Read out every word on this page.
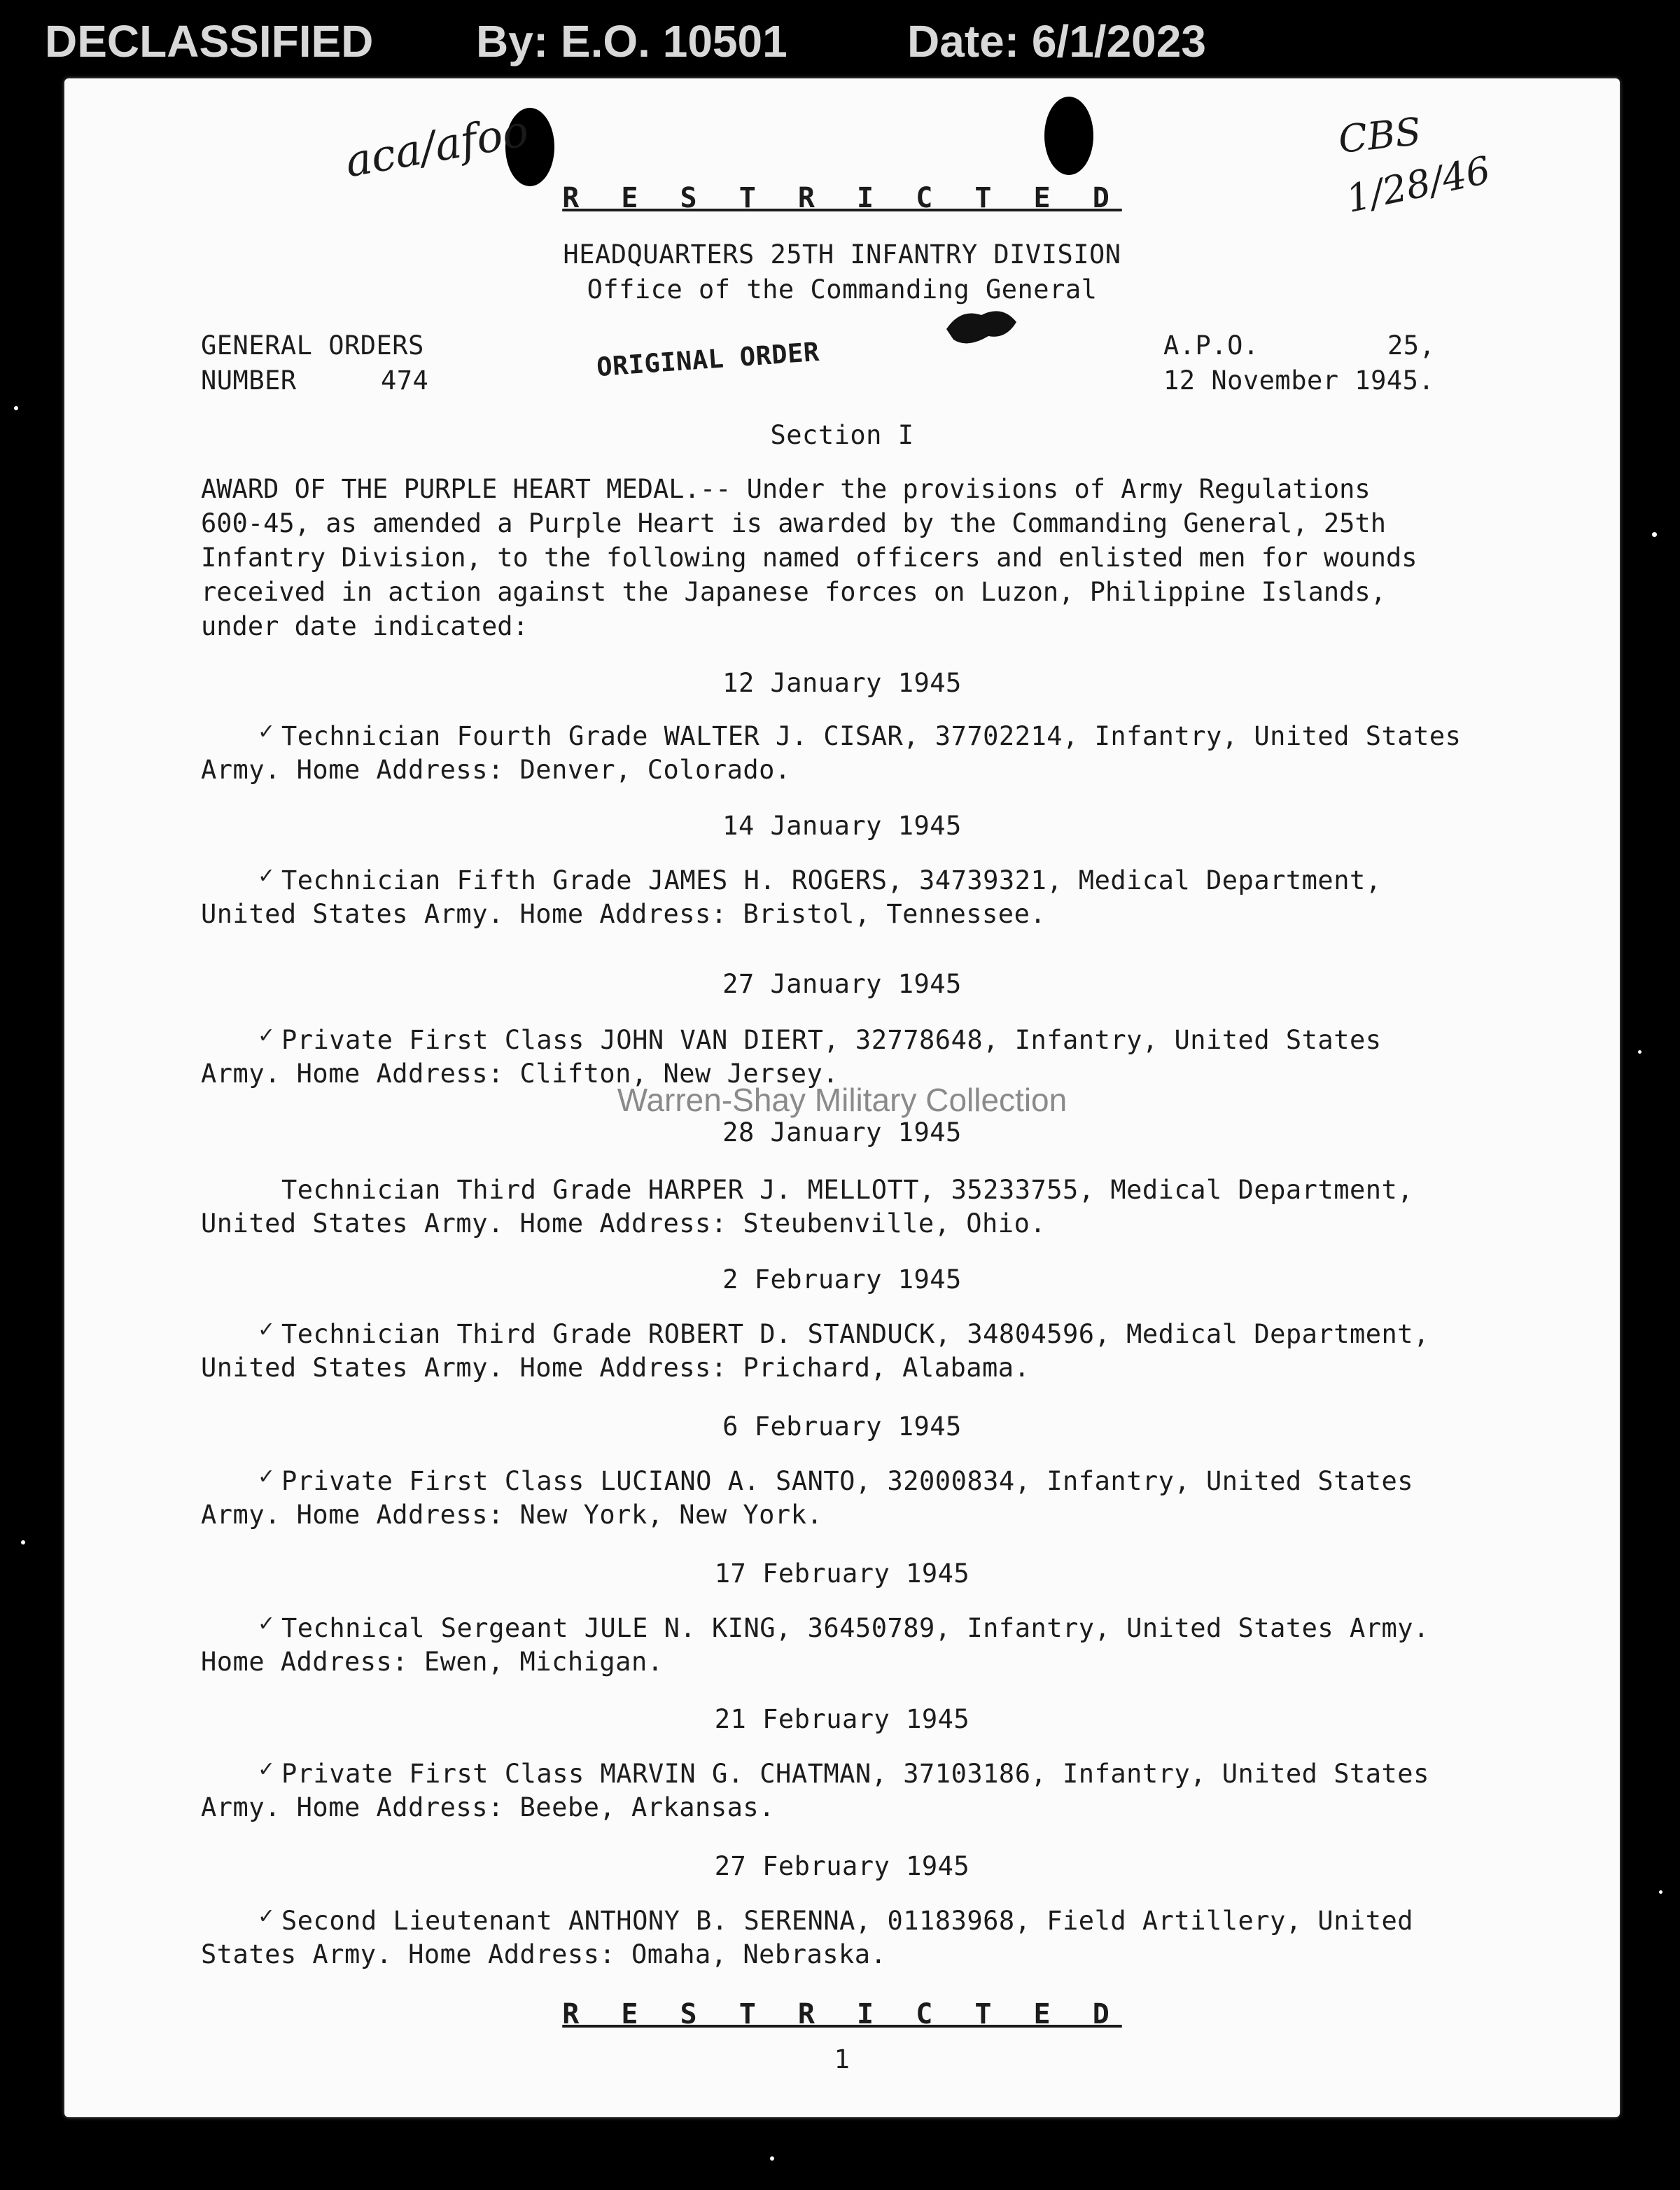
DECLASSIFIED By: E.O. 10501	Date: 6/1/2023
aca/afoo	CBS
1/28/46
R E S T R I C T E D
HEADQUARTERS 25TH INFANTRY DIVISION
Office of the Commanding General
GENERAL ORDERS
NUMBER	474	ORIGINAL ORDER	A.P.O.	25,
12 November 1945.
Section I
AWARD OF THE PURPLE HEART MEDAL.-- Under the provisions of Army Regulations
600-45, as amended a Purple Heart is awarded by the Commanding General, 25th
Infantry Division, to the following named officers and enlisted men for wounds
received in action against the Japanese forces on Luzon, Philippine Islands,
under date indicated:
12 January 1945
✓ Technician Fourth Grade WALTER J. CISAR, 37702214, Infantry, United States
Army. Home Address: Denver, Colorado.
14 January 1945
✓ Technician Fifth Grade JAMES H. ROGERS, 34739321, Medical Department,
United States Army. Home Address: Bristol, Tennessee.
27 January 1945
✓ Private First Class JOHN VAN DIERT, 32778648, Infantry, United States
Army. Home Address: Clifton, New Jersey.
Warren-Shay Military Collection
28 January 1945
Technician Third Grade HARPER J. MELLOTT, 35233755, Medical Department,
United States Army. Home Address: Steubenville, Ohio.
2 February 1945
✓ Technician Third Grade ROBERT D. STANDUCK, 34804596, Medical Department,
United States Army. Home Address: Prichard, Alabama.
6 February 1945
✓ Private First Class LUCIANO A. SANTO, 32000834, Infantry, United States
Army. Home Address: New York, New York.
17 February 1945
✓ Technical Sergeant JULE N. KING, 36450789, Infantry, United States Army.
Home Address: Ewen, Michigan.
21 February 1945
✓ Private First Class MARVIN G. CHATMAN, 37103186, Infantry, United States
Army. Home Address: Beebe, Arkansas.
27 February 1945
✓ Second Lieutenant ANTHONY B. SERENNA, 01183968, Field Artillery, United
States Army. Home Address: Omaha, Nebraska.
R E S T R I C T E D
1
